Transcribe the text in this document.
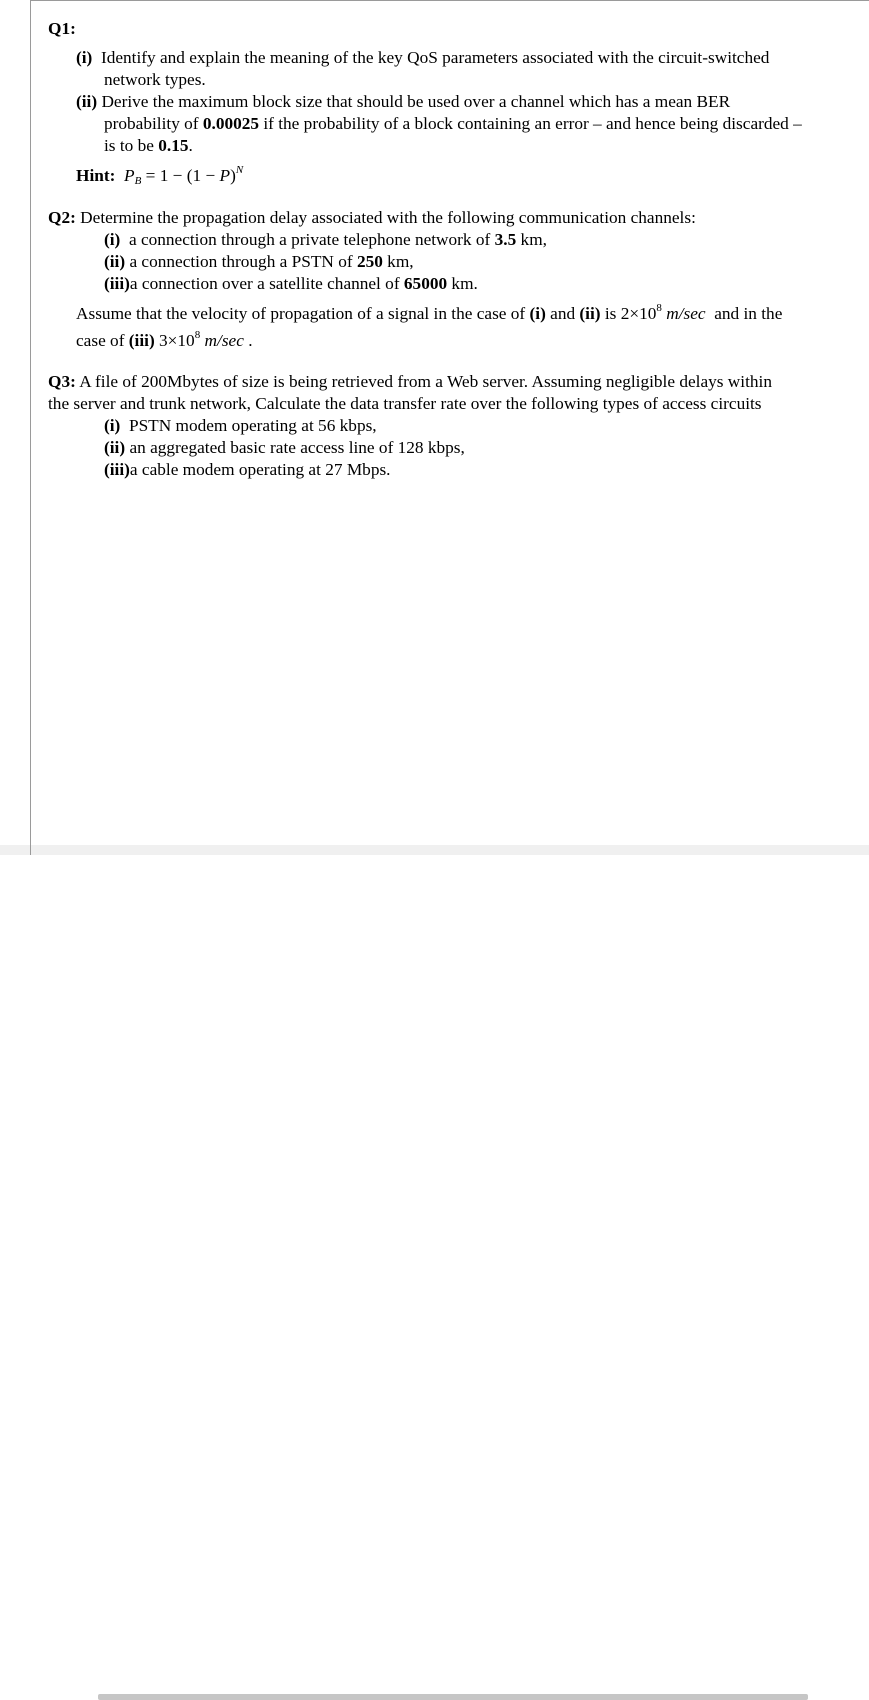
Q1:
(i) Identify and explain the meaning of the key QoS parameters associated with the circuit-switched
network types.
(ii) Derive the maximum block size that should be used over a channel which has a mean BER
probability of 0.00025 if the probability of a block containing an error – and hence being discarded –
is to be 0.15.
Hint: $P_B = 1 - (1 - P)^N$
Q2: Determine the propagation delay associated with the following communication channels:
(i)  a connection through a private telephone network of 3.5 km,
(ii) a connection through a PSTN of 250 km,
(iii)a connection over a satellite channel of 65000 km.
Assume that the velocity of propagation of a signal in the case of (i) and (ii) is $2\times 10^8$ m/sec  and in the
case of (iii) $3\times 10^8$ m/sec .
Q3: A file of 200Mbytes of size is being retrieved from a Web server. Assuming negligible delays within
the server and trunk network, Calculate the data transfer rate over the following types of access circuits
(i)  PSTN modem operating at 56 kbps,
(ii) an aggregated basic rate access line of 128 kbps,
(iii)a cable modem operating at 27 Mbps.
